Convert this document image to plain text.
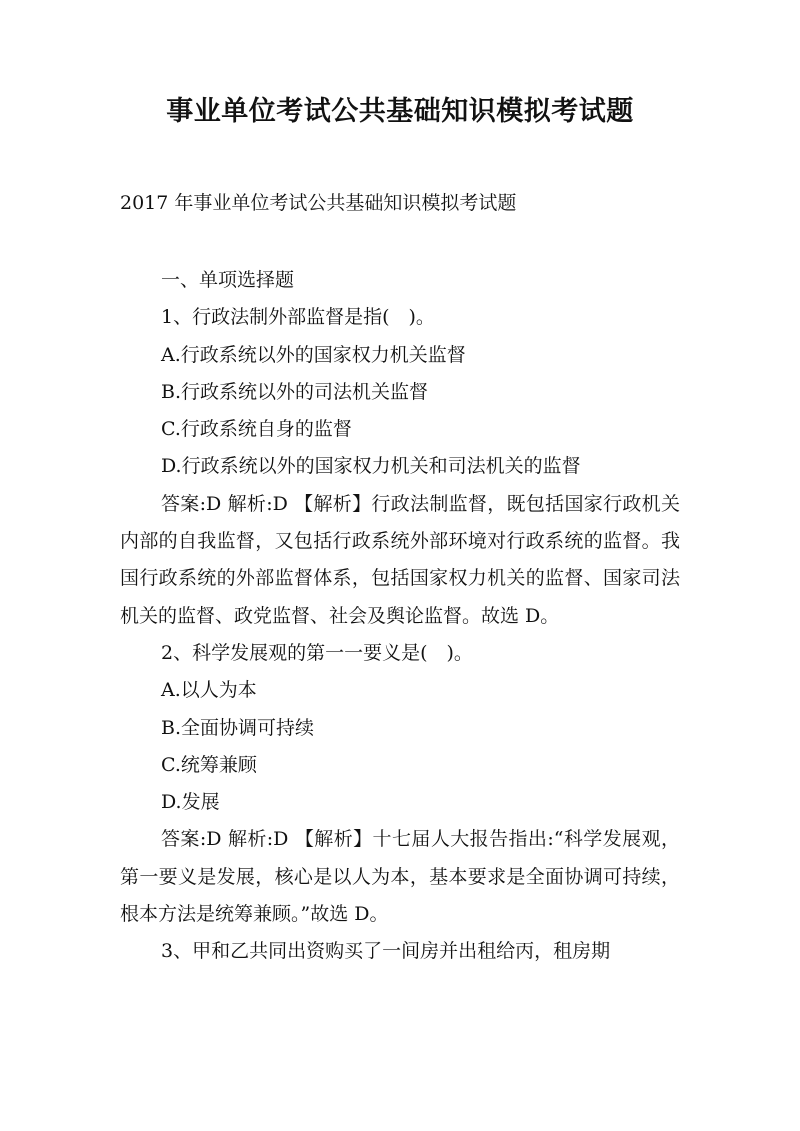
事业单位考试公共基础知识模拟考试题
2017 年事业单位考试公共基础知识模拟考试题

一、单项选择题

1、行政法制外部监督是指(　)。

A.行政系统以外的国家权力机关监督

B.行政系统以外的司法机关监督

C.行政系统自身的监督

D.行政系统以外的国家权力机关和司法机关的监督

答案:D 解析:D 【解析】行政法制监督，既包括国家行政机关内部的自我监督，又包括行政系统外部环境对行政系统的监督。我国行政系统的外部监督体系，包括国家权力机关的监督、国家司法机关的监督、政党监督、社会及舆论监督。故选 D。

2、科学发展观的第一一要义是(　)。

A.以人为本

B.全面协调可持续

C.统筹兼顾

D.发展

答案:D 解析:D 【解析】十七届人大报告指出:“科学发展观，第一要义是发展，核心是以人为本，基本要求是全面协调可持续，根本方法是统筹兼顾。”故选 D。

3、甲和乙共同出资购买了一间房并出租给丙，租房期
